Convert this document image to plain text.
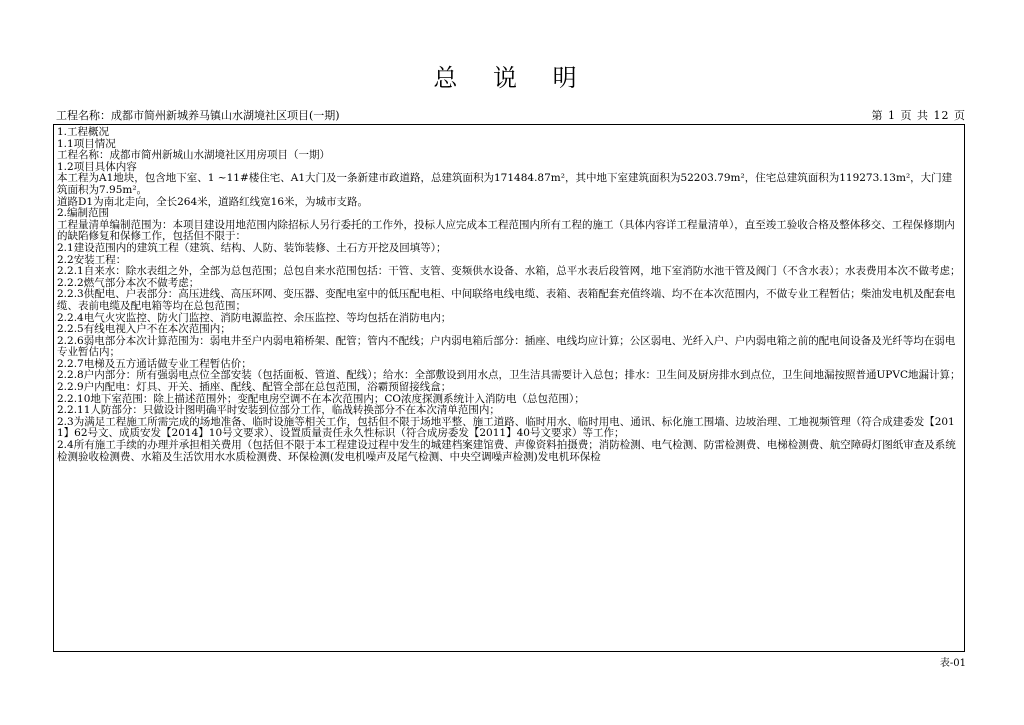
总 说 明
工程名称：成都市简州新城养马镇山水湖境社区项目(一期)	第 1 页 共 12 页

1.工程概况

1.1项目情况

工程名称：成都市简州新城山水湖境社区用房项目（一期）

1.2项目具体内容

本工程为A1地块，包含地下室、1 ~11#楼住宅、A1大门及一条新建市政道路，总建筑面积为171484.87m²，其中地下室建筑面积为52203.79m²，住宅总建筑面积为119273.13m²，大门建筑面积为7.95m²。

道路D1为南北走向，全长264米，道路红线宽16米，为城市支路。

2.编制范围

工程量清单编制范围为：本项目建设用地范围内除招标人另行委托的工作外，投标人应完成本工程范围内所有工程的施工（具体内容详工程量清单），直至竣工验收合格及整体移交、工程保修期内的缺陷修复和保修工作，包括但不限于：

2.1建设范围内的建筑工程（建筑、结构、人防、装饰装修、土石方开挖及回填等）；

2.2安装工程：

2.2.1自来水：除水表组之外，全部为总包范围；总包自来水范围包括：干管、支管、变频供水设备、水箱，总平水表后段管网，地下室消防水池干管及阀门（不含水表）；水表费用本次不做考虑；

2.2.2燃气部分本次不做考虑；

2.2.3供配电、户表部分：高压进线、高压环网、变压器、变配电室中的低压配电柜、中间联络电线电缆、表箱、表箱配套充值终端、均不在本次范围内，不做专业工程暂估；柴油发电机及配套电缆、表前电缆及配电箱等均在总包范围；

2.2.4电气火灾监控、防火门监控、消防电源监控、余压监控、等均包括在消防电内；

2.2.5有线电视入户不在本次范围内；

2.2.6弱电部分本次计算范围为：弱电井至户内弱电箱桥架、配管；管内不配线；户内弱电箱后部分：插座、电线均应计算；公区弱电、光纤入户、户内弱电箱之前的配电间设备及光纤等均在弱电专业暂估内；

2.2.7电梯及五方通话做专业工程暂估价；

2.2.8户内部分：所有强弱电点位全部安装（包括面板、管道、配线）；给水：全部敷设到用水点，卫生洁具需要计入总包；排水：卫生间及厨房排水到点位，卫生间地漏按照普通UPVC地漏计算；

2.2.9户内配电：灯具、开关、插座、配线、配管全部在总包范围，浴霸预留接线盒；

2.2.10地下室范围：除上描述范围外；变配电房空调不在本次范围内；CO浓度探测系统计入消防电（总包范围）；

2.2.11人防部分：只做设计图明确平时安装到位部分工作，临战转换部分不在本次清单范围内；

2.3为满足工程施工所需完成的场地准备、临时设施等相关工作，包括但不限于场地平整、施工道路、临时用水、临时用电、通讯、标化施工围墙、边坡治理、工地视频管理（符合成建委发【2011】62号文、成质安发【2014】10号文要求）、设置质量责任永久性标识（符合成房委发【2011】40号文要求）等工作；

2.4所有施工手续的办理并承担相关费用（包括但不限于本工程建设过程中发生的城建档案建馆费、声像资料拍摄费；消防检测、电气检测、防雷检测费、电梯检测费、航空障碍灯图纸审查及系统检测验收检测费、水箱及生活饮用水水质检测费、环保检测(发电机噪声及尾气检测、中央空调噪声检测)发电机环保检

表-01
